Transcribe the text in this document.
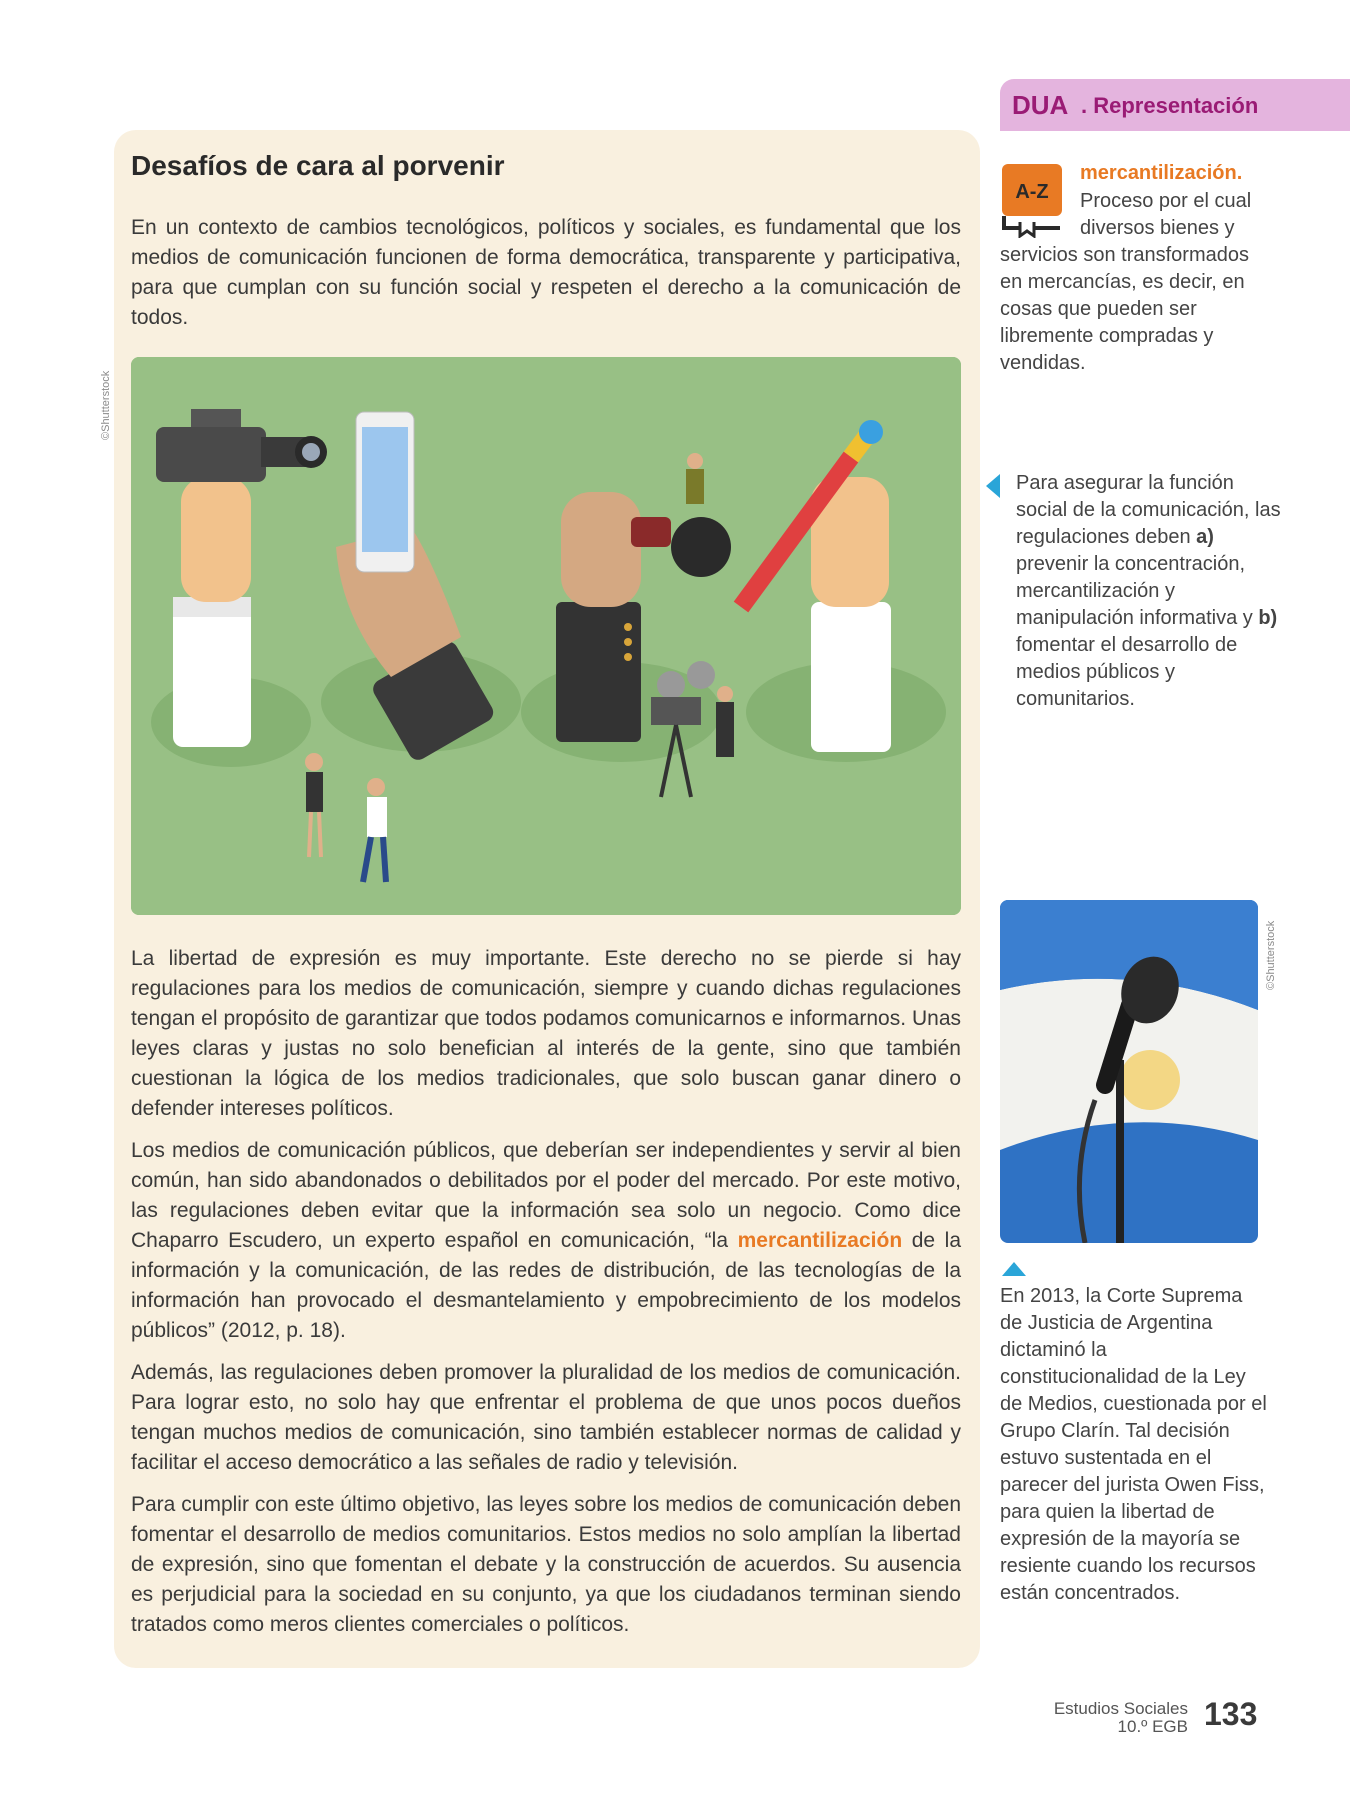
DUA . Representación
Desafíos de cara al porvenir

En un contexto de cambios tecnológicos, políticos y sociales, es fundamental que los medios de comunicación funcionen de forma democrática, transparente y participativa, para que cumplan con su función social y respeten el derecho a la comunicación de todos.

©Shutterstock

La libertad de expresión es muy importante. Este derecho no se pierde si hay regulaciones para los medios de comunicación, siempre y cuando dichas regulaciones tengan el propósito de garantizar que todos podamos comunicarnos e informarnos. Unas leyes claras y justas no solo benefician al interés de la gente, sino que también cuestionan la lógica de los medios tradicionales, que solo buscan ganar dinero o defender intereses políticos.

Los medios de comunicación públicos, que deberían ser independientes y servir al bien común, han sido abandonados o debilitados por el poder del mercado. Por este motivo, las regulaciones deben evitar que la información sea solo un negocio. Como dice Chaparro Escudero, un experto español en comunicación, “la mercantilización de la información y la comunicación, de las redes de distribución, de las tecnologías de la información han provocado el desmantelamiento y empobrecimiento de los modelos públicos” (2012, p. 18).

Además, las regulaciones deben promover la pluralidad de los medios de comunicación. Para lograr esto, no solo hay que enfrentar el problema de que unos pocos dueños tengan muchos medios de comunicación, sino también establecer normas de calidad y facilitar el acceso democrático a las señales de radio y televisión.

Para cumplir con este último objetivo, las leyes sobre los medios de comunicación deben fomentar el desarrollo de medios comunitarios. Estos medios no solo amplían la libertad de expresión, sino que fomentan el debate y la construcción de acuerdos. Su ausencia es perjudicial para la sociedad en su conjunto, ya que los ciudadanos terminan siendo tratados como meros clientes comerciales o políticos.

A-Z
mercantilización.

Proceso por el cual
diversos bienes y
servicios son transformados en mercancías, es decir, en cosas que pueden ser libremente compradas y vendidas.

Para asegurar la función social de la comunicación, las regulaciones deben a) prevenir la concentración, mercantilización y manipulación informativa y b) fomentar el desarrollo de medios públicos y comunitarios.

©Shutterstock

En 2013, la Corte Suprema de Justicia de Argentina dictaminó la constitucionalidad de la Ley de Medios, cuestionada por el Grupo Clarín. Tal decisión estuvo sustentada en el parecer del jurista Owen Fiss, para quien la libertad de expresión de la mayoría se resiente cuando los recursos están concentrados.

Estudios Sociales
10.º EGB 133
